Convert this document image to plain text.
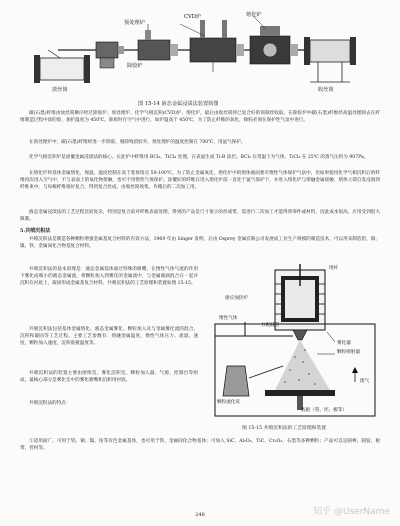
CVD炉
预处理炉
熔化炉
除胶炉
放丝筒	收丝筒
图 15-14 液态金属浸渍法装置简图

碳(石墨)纤维由放丝筒顺序经过除胶炉、预处理炉、化学气相沉积(CVD)炉、熔化炉，最后由收丝筒将已复合好的预制丝收取。在除胶炉中碳(石墨)纤维经高温处理除去在纤维制造过程中涂的胶，加护温度为 450℃。除胶时在空气中进行，如炉温高于 450℃，为了防止纤维的氧化，除胶必须在保护性气氛中进行。

在预处理炉中，碳(石墨)纤维经进一步除胶、脱除残留胶外，预处理炉的温度控制在 700℃，用氩气保护。

化学气相沉积炉是涂覆金属浸渍法的核心。在此炉中纤维用 BCl₃、TiCl₄ 处理，在表面生成 Ti-B 涂层。BCl₃ 在常温下为气体，TiCl₄ 在 25℃ 的蒸气压约为 907Pa。

在熔化炉将基体金属熔化，保温，温度控制在高于基体熔点 50-100℃。为了防止金属氧化，熔化炉中的熔体液面要有惰性气体保护气氛中，但如果使用化学气相沉积后的纤维再次进入空气中，不与表面上的氧化物接触，也可不用惰性气体保护。涂覆好的纤维在进入熔化炉前一直处于氩气保护下，并进入熔化炉与熔融金属接触，熔体立即自发浸润到纤维束中，与每根纤维很好复合，得到复合丝成，由收丝筒收集，作搬后的二次加工用。

液态金属浸渍法的工艺过程比较复杂，特别是复合前对纤维表面处理，得到的产品是尺寸很小的丝或带，需进行二次加工才能得到零件或材料，因此成本很高，应用受到很大限制。

5.共喷沉积法

共喷沉积法是制造各种颗粒增强金属基复合材料的有效方法，1969 年由 Singer 发明，后由 Osprey 金属有限公司发展成工业生产规模的制造技术，可以用来制造铝、铜、镍、铁、金属间化合物基复合材料。

共喷沉积法的基本原理是：液态金属基体通过特殊的喷嘴，在惰性气体气流的作用下雾化成细小的液态金属流，将颗粒加入到雾化的金属流中，与金属液滴混合在一起并沉积在衬底上，凝固形成金属基复合材料，共喷沉积法的工艺原理和装置如图 15-15。

共喷沉积法包括基体金属熔化、液态金属雾化、颗粒加入及与金属雾化流的混合、沉积和凝固等工艺过程。主要工艺参数有：熔融金属温度，惰性气体压力、流量、速度，颗粒加入速度，沉积底板温度等。

共喷沉积法的装置主要由熔炼室、雾化沉积室、颗粒加入器、气源、控制台等组成，最核心部分是雾化室中的雾化喷嘴和沉积用衬底。

共喷沉积法的特点：

坩杆
感应加热炉
惰性气体
分配歧管
雾化器
颗粒喷射器
颗粒流化床
废气
底板（管、坯、板等）
图 15-15 共喷沉积法的工艺原理和装置

①适用面广，可用于铝、铜、镍、钴等有色金属基体，也可用于铁、金属间化合物基体；可加入 SiC、Al₂O₃、TiC、Cr₂O₃、石墨等多种颗粒；产品可以是圆棒、圆锭、板带、管材等。

248	知乎 @UserName
